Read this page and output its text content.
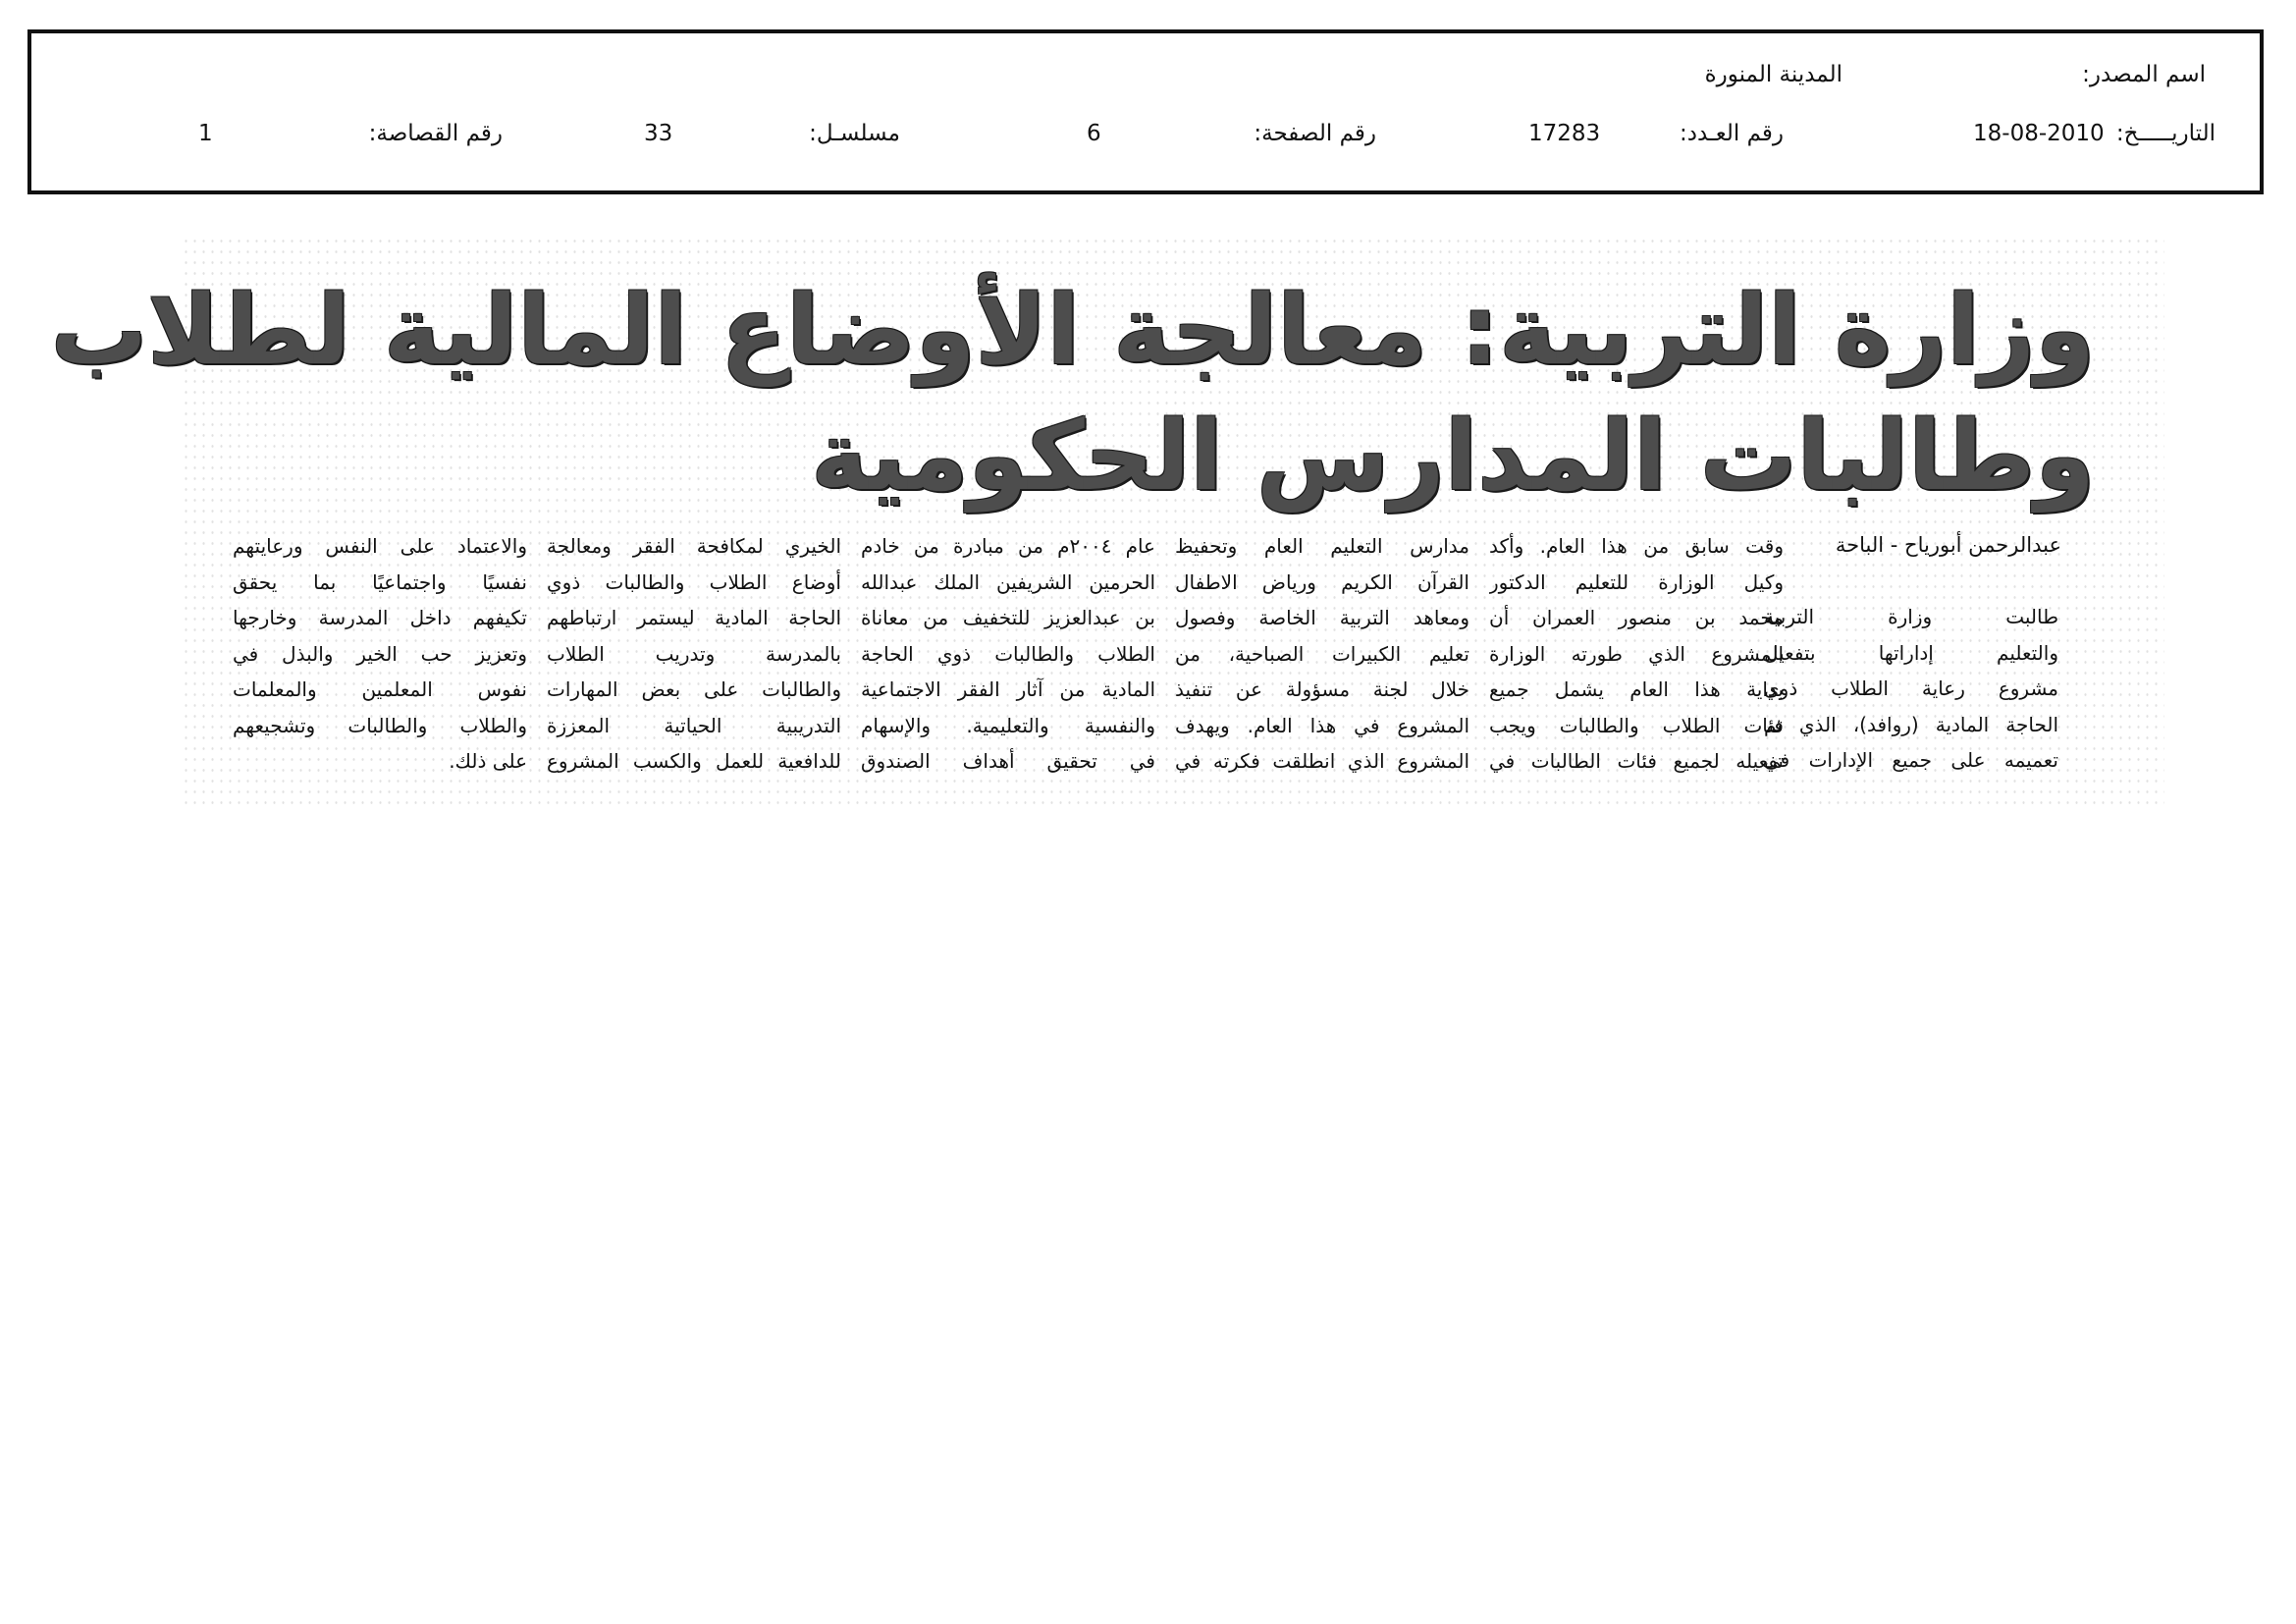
اسم المصدر:
المدينة المنورة
التاريـــــخ:
18-08-2010
رقم العـدد:
17283
رقم الصفحة:
6
مسلسـل:
33
رقم القصاصة:
1
وزارة التربية: معالجة الأوضاع المالية لطلاب
وطالبات المدارس الحكومية
عبدالرحمن أبورياح - الباحة
طالبت وزارة التربية
والتعليم إداراتها بتفعيل
مشروع رعاية الطلاب ذوي
الحاجة المادية (روافد)، الذي تم
تعميمه على جميع الإدارات في
وقت سابق من هذا العام. وأكد
وكيل الوزارة للتعليم الدكتور
محمد بن منصور العمران أن
المشروع الذي طورته الوزارة
بداية هذا العام يشمل جميع
فئات الطلاب والطالبات ويجب
تفعيله لجميع فئات الطالبات في
مدارس التعليم العام وتحفيظ
القرآن الكريم ورياض الاطفال
ومعاهد التربية الخاصة وفصول
تعليم الكبيرات الصباحية، من
خلال لجنة مسؤولة عن تنفيذ
المشروع في هذا العام. ويهدف
المشروع الذي انطلقت فكرته في
عام ٢٠٠٤م من مبادرة من خادم
الحرمين الشريفين الملك عبدالله
بن عبدالعزيز للتخفيف من معاناة
الطلاب والطالبات ذوي الحاجة
المادية من آثار الفقر الاجتماعية
والنفسية والتعليمية. والإسهام
في تحقيق أهداف الصندوق
الخيري لمكافحة الفقر ومعالجة
أوضاع الطلاب والطالبات ذوي
الحاجة المادية ليستمر ارتباطهم
بالمدرسة وتدريب الطلاب
والطالبات على بعض المهارات
التدريبية الحياتية المعززة
للدافعية للعمل والكسب المشروع
والاعتماد على النفس ورعايتهم
نفسيًا واجتماعيًا بما يحقق
تكيفهم داخل المدرسة وخارجها
وتعزيز حب الخير والبذل في
نفوس المعلمين والمعلمات
والطلاب والطالبات وتشجيعهم
على ذلك.
